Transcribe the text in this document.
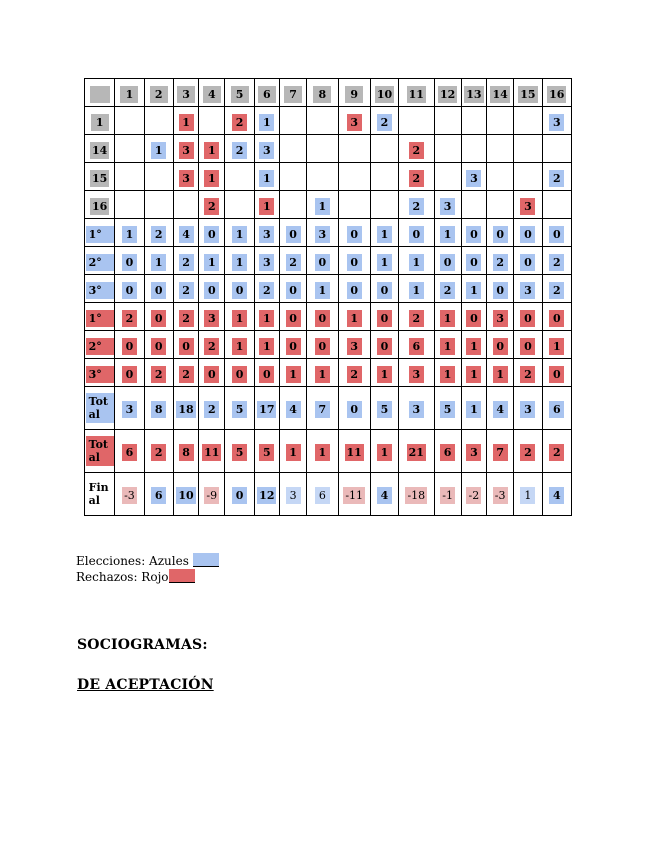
	1	2	3	4	5	6	7	8	9	10	11	12	13	14	15	16
1			1		2	1			3	2						3
14		1	3	1	2	3					2					
15			3	1		1					2		3			2
16				2		1		1			2	3			3	
1°	1	2	4	0	1	3	0	3	0	1	0	1	0	0	0	0
2°	0	1	2	1	1	3	2	0	0	1	1	0	0	2	0	2
3°	0	0	2	0	0	2	0	1	0	0	1	2	1	0	3	2
1°	2	0	2	3	1	1	0	0	1	0	2	1	0	3	0	0
2°	0	0	0	2	1	1	0	0	3	0	6	1	1	0	0	1
3°	0	2	2	0	0	0	1	1	2	1	3	1	1	1	2	0
Total	3	8	18	2	5	17	4	7	0	5	3	5	1	4	3	6
Total	6	2	8	11	5	5	1	1	11	1	21	6	3	7	2	2
Final	-3	6	10	-9	0	12	3	6	-11	4	-18	-1	-2	-3	1	4
Elecciones: Azules
Rechazos: Rojo
SOCIOGRAMAS:
DE ACEPTACIÓN
